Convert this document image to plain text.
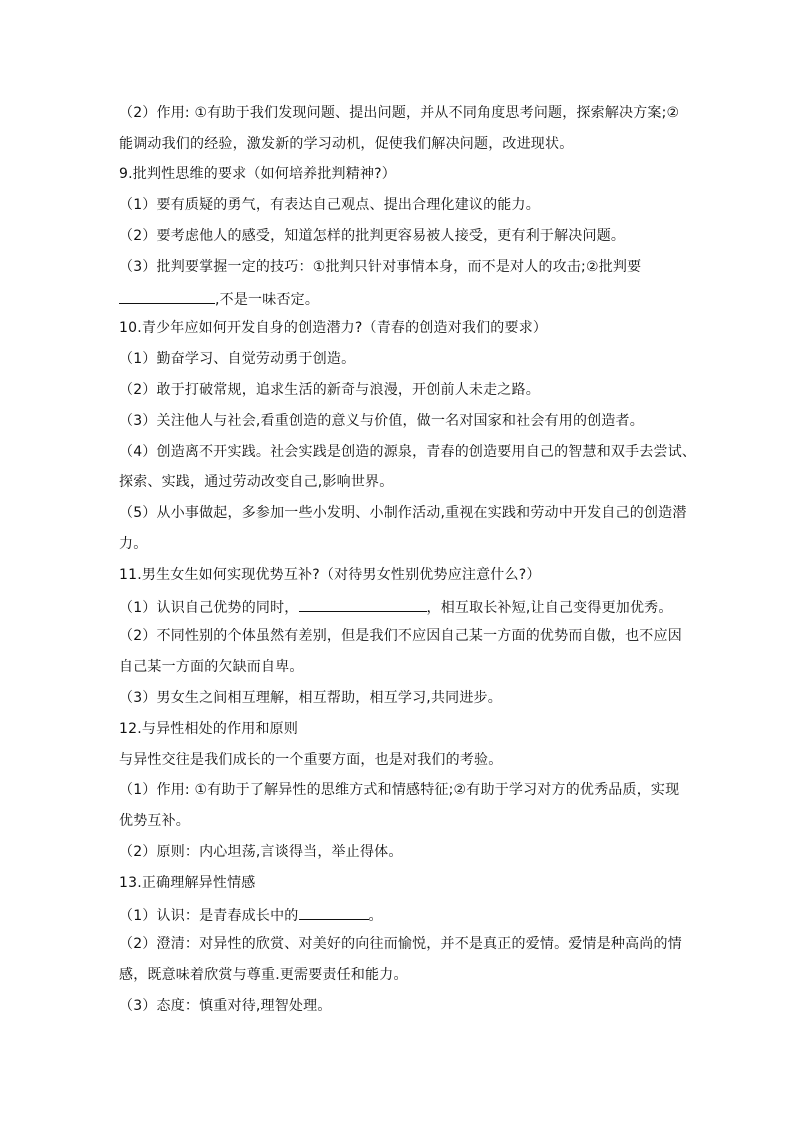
（2）作用: ①有助于我们发现问题、提出问题，并从不同角度思考问题，探索解决方案;②
能调动我们的经验，激发新的学习动机，促使我们解决问题，改进现状。
9.批判性思维的要求（如何培养批判精神?）
（1）要有质疑的勇气，有表达自己观点、提出合理化建议的能力。
（2）要考虑他人的感受，知道怎样的批判更容易被人接受，更有利于解决问题。
（3）批判要掌握一定的技巧：①批判只针对事情本身，而不是对人的攻击;②批判要
,不是一味否定。
10.青少年应如何开发自身的创造潜力?（青春的创造对我们的要求）
（1）勤奋学习、自觉劳动勇于创造。
（2）敢于打破常规，追求生活的新奇与浪漫，开创前人未走之路。
（3）关注他人与社会,看重创造的意义与价值，做一名对国家和社会有用的创造者。
（4）创造离不开实践。社会实践是创造的源泉，青春的创造要用自己的智慧和双手去尝试、
探索、实践，通过劳动改变自己,影响世界。
（5）从小事做起，多参加一些小发明、小制作活动,重视在实践和劳动中开发自己的创造潜
力。
11.男生女生如何实现优势互补?（对待男女性别优势应注意什么?）
（1）认识自己优势的同时，	，相互取长补短,让自己变得更加优秀。
（2）不同性别的个体虽然有差别，但是我们不应因自己某一方面的优势而自傲，也不应因
自己某一方面的欠缺而自卑。
（3）男女生之间相互理解，相互帮助，相互学习,共同进步。
12.与异性相处的作用和原则
与异性交往是我们成长的一个重要方面，也是对我们的考验。
（1）作用: ①有助于了解异性的思维方式和情感特征;②有助于学习对方的优秀品质，实现
优势互补。
（2）原则：内心坦荡,言谈得当，举止得体。
13.正确理解异性情感
（1）认识：是青春成长中的	。
（2）澄清：对异性的欣赏、对美好的向往而愉悦，并不是真正的爱情。爱情是种高尚的情
感，既意味着欣赏与尊重.更需要责任和能力。
（3）态度：慎重对待,理智处理。
